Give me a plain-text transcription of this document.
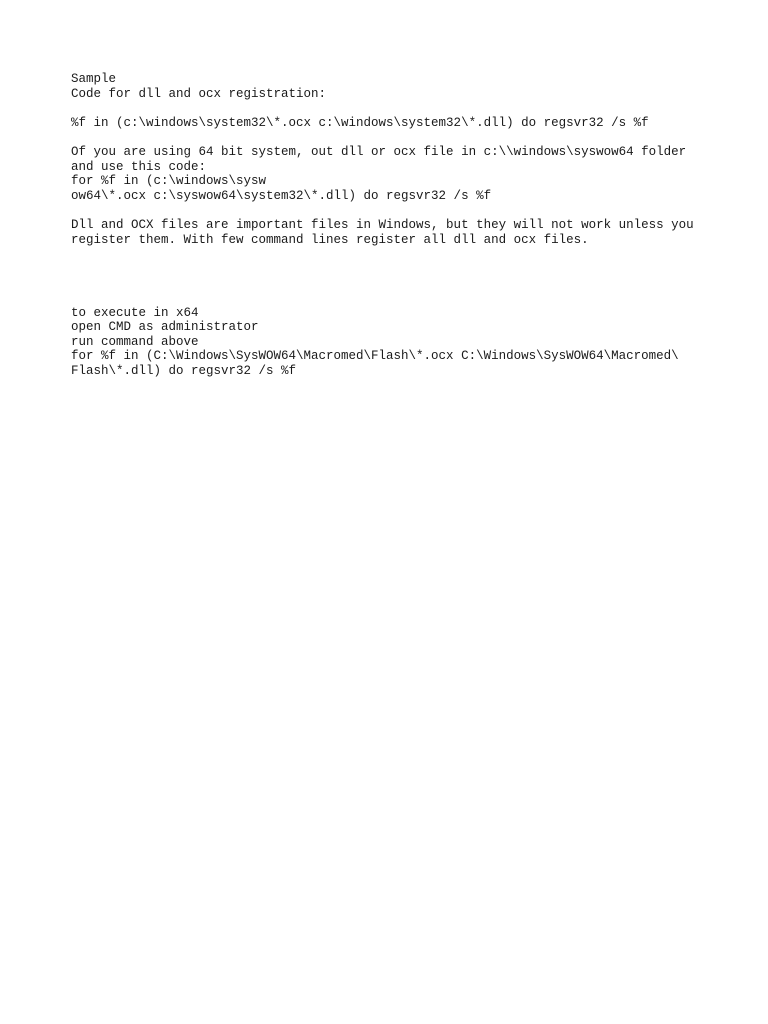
Sample
Code for dll and ocx registration:
%f in (c:\windows\system32\*.ocx c:\windows\system32\*.dll) do regsvr32 /s %f
Of you are using 64 bit system, out dll or ocx file in c:\\windows\syswow64 folder
and use this code:
for %f in (c:\windows\sysw
ow64\*.ocx c:\syswow64\system32\*.dll) do regsvr32 /s %f
Dll and OCX files are important files in Windows, but they will not work unless you
register them. With few command lines register all dll and ocx files.
to execute in x64
open CMD as administrator
run command above
for %f in (C:\Windows\SysWOW64\Macromed\Flash\*.ocx C:\Windows\SysWOW64\Macromed\
Flash\*.dll) do regsvr32 /s %f
